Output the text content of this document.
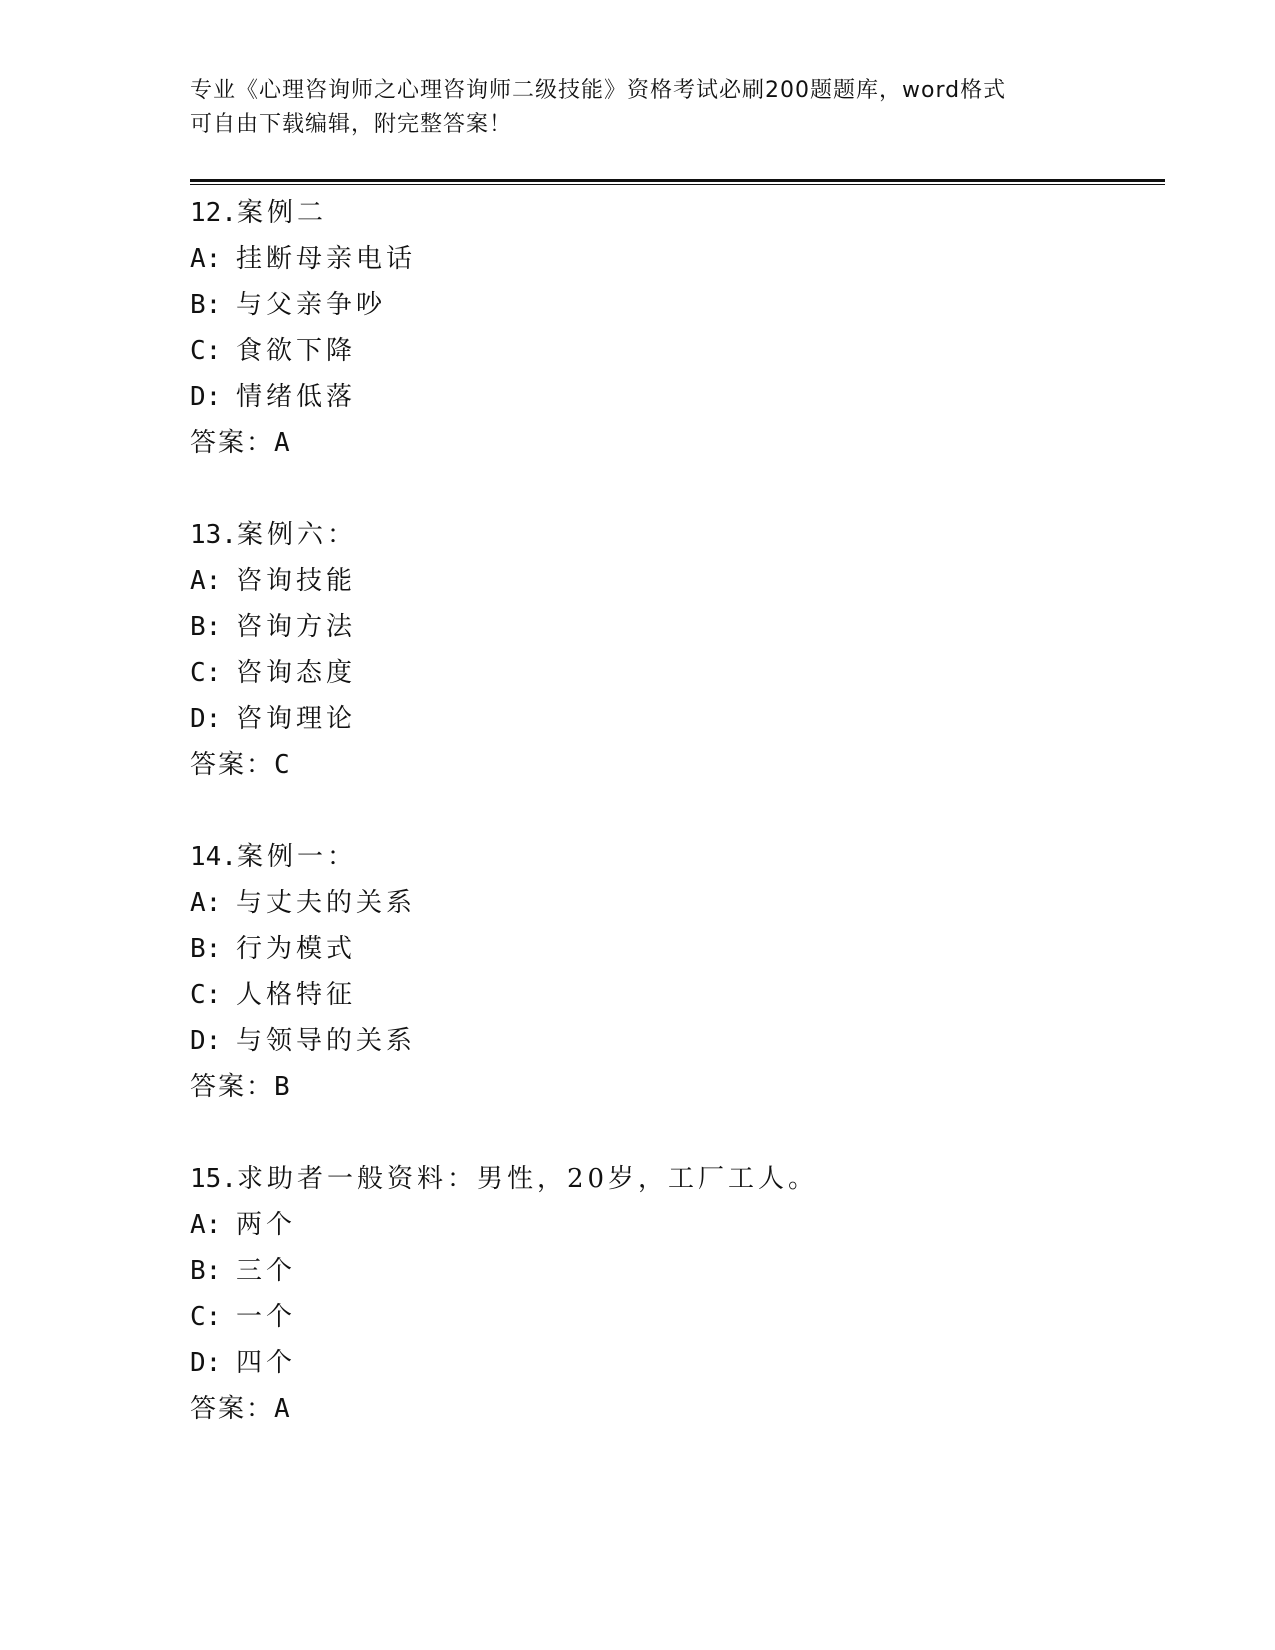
专业《心理咨询师之心理咨询师二级技能》资格考试必刷200题题库，word格式
可自由下载编辑，附完整答案！
12.案例二
A: 挂断母亲电话
B: 与父亲争吵
C: 食欲下降
D: 情绪低落
答案：A
13.案例六：
A: 咨询技能
B: 咨询方法
C: 咨询态度
D: 咨询理论
答案：C
14.案例一：
A: 与丈夫的关系
B: 行为模式
C: 人格特征
D: 与领导的关系
答案：B
15.求助者一般资料：男性，20岁，工厂工人。
A: 两个
B: 三个
C: 一个
D: 四个
答案：A
